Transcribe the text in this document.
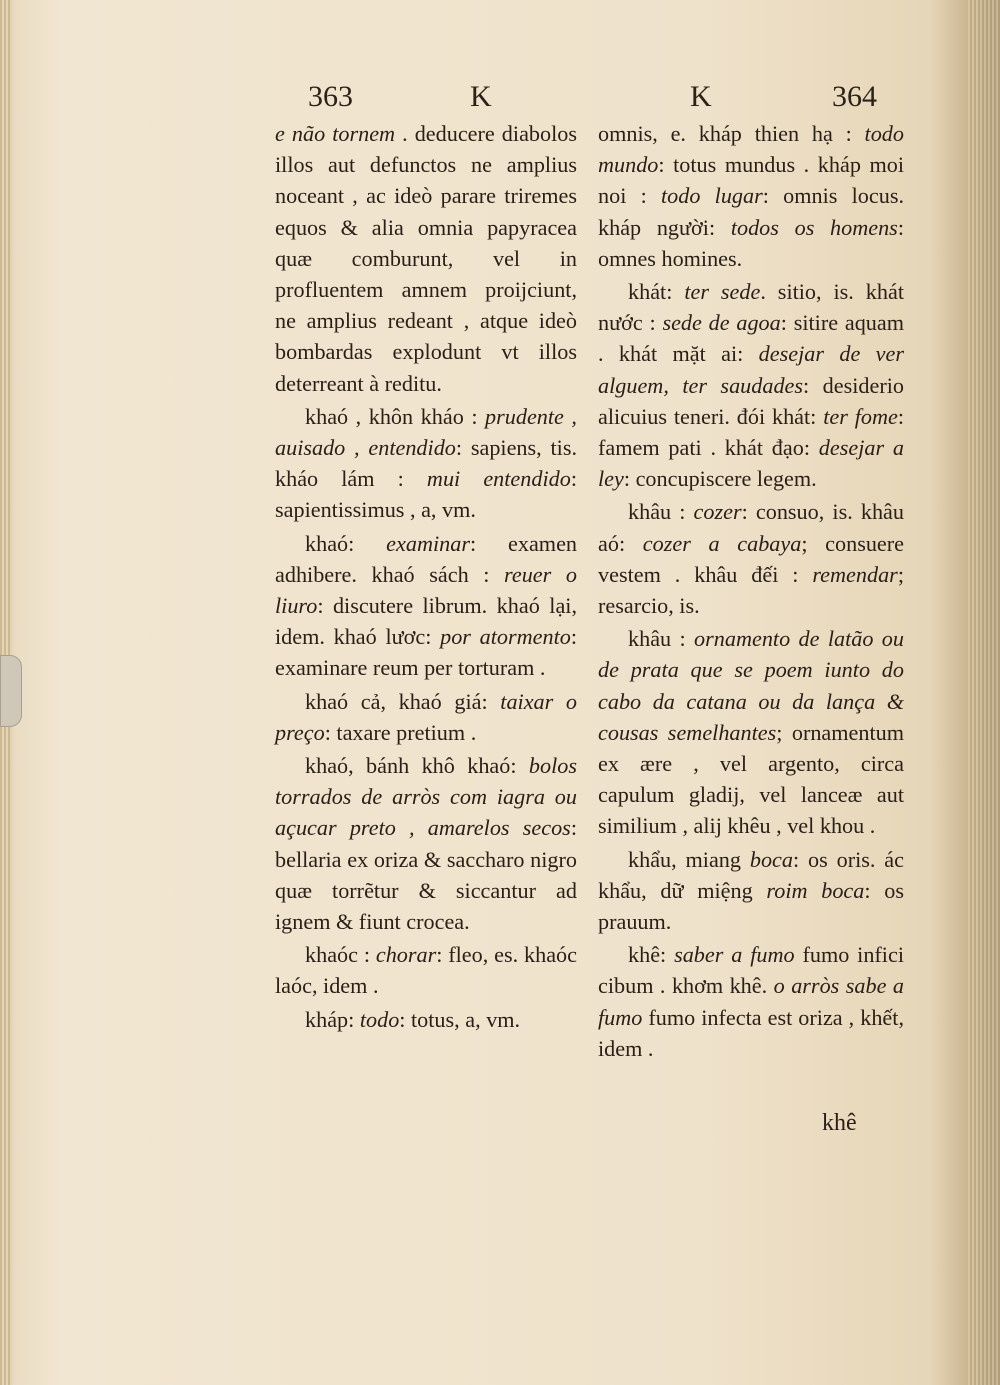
363	K	K	364

e não tornem . deducere diabolos illos aut defunctos ne amplius noceant , ac ideò parare triremes equos & alia omnia papyracea quæ comburunt, vel in profluentem amnem proijciunt, ne amplius redeant , atque ideò bombardas explodunt vt illos deterreant à reditu.

khaó , khôn kháo : prudente , auisado , entendido: sapiens, tis. kháo lám : mui entendido: sapientissimus , a, vm.

khaó: examinar: examen adhibere. khaó sách : reuer o liuro: discutere librum. khaó lại, idem. khaó lươc: por atormento: examinare reum per torturam .

khaó cả, khaó giá: taixar o preço: taxare pretium .

khaó, bánh khô khaó: bolos torrados de arròs com iagra ou açucar preto , amarelos secos: bellaria ex oriza & saccharo nigro quæ torrẽtur & siccantur ad ignem & fiunt crocea.

khaóc : chorar: fleo, es. khaóc laóc, idem .

kháp: todo: totus, a, vm.

omnis, e. kháp thien hạ : todo mundo: totus mundus . kháp moi noi : todo lugar: omnis locus. kháp người: todos os homens: omnes homines.

khát: ter sede. sitio, is. khát nước : sede de agoa: sitire aquam . khát mặt ai: desejar de ver alguem, ter saudades: desiderio alicuius teneri. đói khát: ter fome: famem pati . khát đạo: desejar a ley: concupiscere legem.

khâu : cozer: consuo, is. khâu aó: cozer a cabaya; consuere vestem . khâu đếi : remendar; resarcio, is.

khâu : ornamento de latão ou de prata que se poem iunto do cabo da catana ou da lança & cousas semelhantes; ornamentum ex ære , vel argento, circa capulum gladij, vel lanceæ aut similium , alij khêu , vel khou .

khẩu, miang boca: os oris. ác khẩu, dữ miệng roim boca: os prauum.

khê: saber a fumo fumo infici cibum . khơm khê. o arròs sabe a fumo fumo infecta est oriza , khết, idem .

khê
